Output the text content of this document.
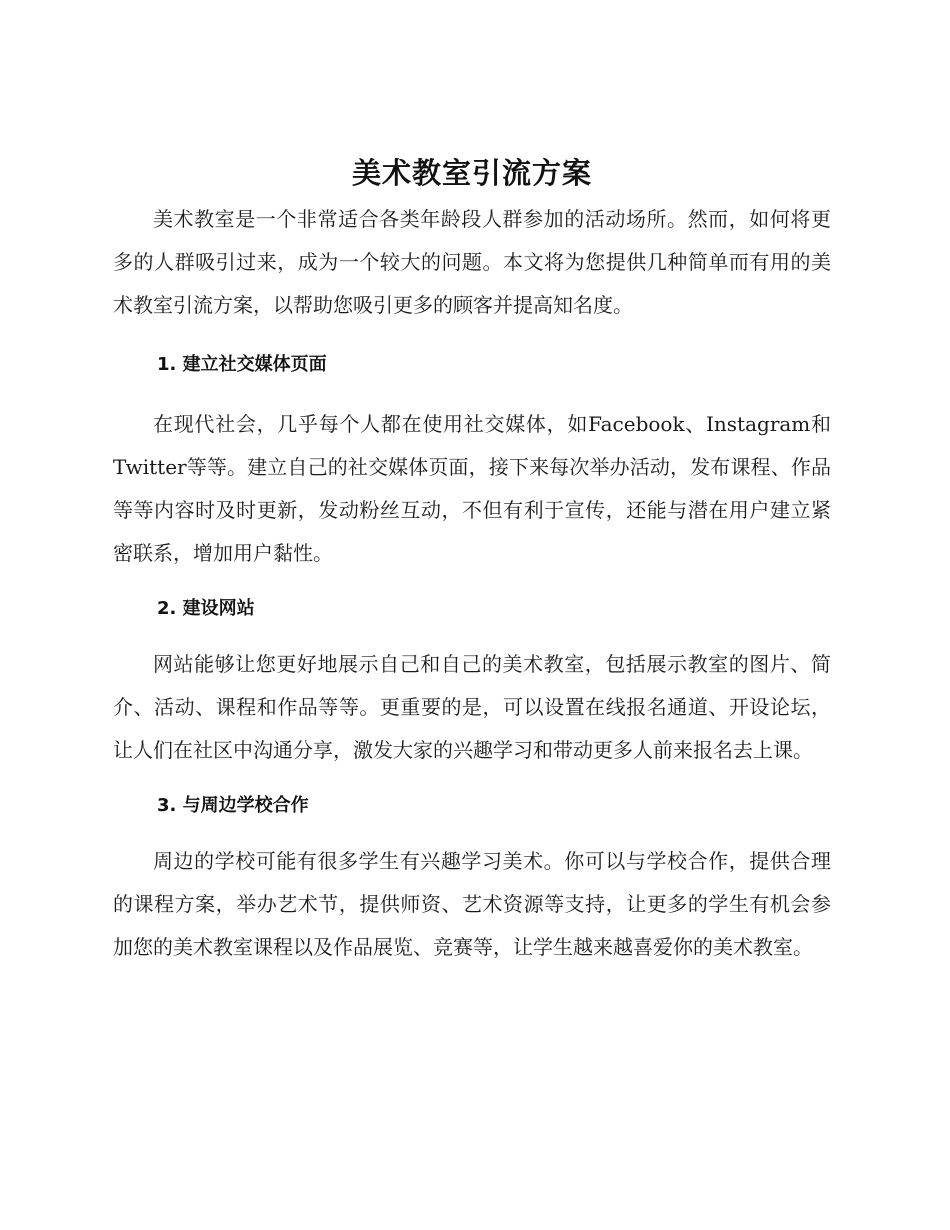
美术教室引流方案

美术教室是一个非常适合各类年龄段人群参加的活动场所。然而，如何将更多的人群吸引过来，成为一个较大的问题。本文将为您提供几种简单而有用的美术教室引流方案，以帮助您吸引更多的顾客并提高知名度。

1. 建立社交媒体页面

在现代社会，几乎每个人都在使用社交媒体，如Facebook、Instagram和Twitter等等。建立自己的社交媒体页面，接下来每次举办活动，发布课程、作品等等内容时及时更新，发动粉丝互动，不但有利于宣传，还能与潜在用户建立紧密联系，增加用户黏性。

2. 建设网站

网站能够让您更好地展示自己和自己的美术教室，包括展示教室的图片、简介、活动、课程和作品等等。更重要的是，可以设置在线报名通道、开设论坛，让人们在社区中沟通分享，激发大家的兴趣学习和带动更多人前来报名去上课。

3. 与周边学校合作

周边的学校可能有很多学生有兴趣学习美术。你可以与学校合作，提供合理的课程方案，举办艺术节，提供师资、艺术资源等支持，让更多的学生有机会参加您的美术教室课程以及作品展览、竞赛等，让学生越来越喜爱你的美术教室。
